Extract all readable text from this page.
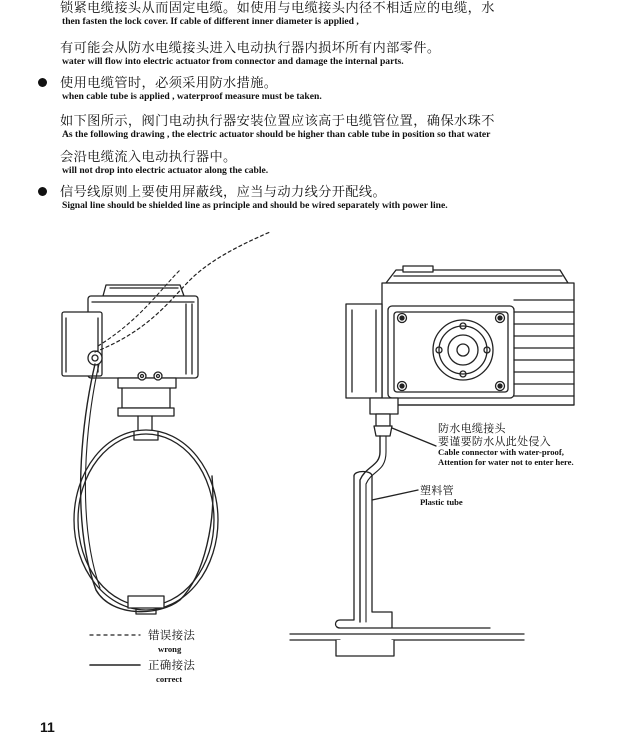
锁紧电缆接头从而固定电缆。如使用与电缆接头内径不相适应的电缆，水
then fasten the lock cover. If cable of different inner diameter is applied ,
有可能会从防水电缆接头进入电动执行器内损坏所有内部零件。
water will flow into electric actuator from connector and damage the internal parts.
使用电缆管时，必须采用防水措施。
when cable tube is applied , waterproof measure must be taken.
如下图所示，阀门电动执行器安装位置应该高于电缆管位置，确保水珠不
As the following drawing , the electric actuator should be higher than cable tube in position so that water
会沿电缆流入电动执行器中。
will not drop into electric actuator along the cable.
信号线原则上要使用屏蔽线，应当与动力线分开配线。
Signal line should be shielded line as principle and should be wired separately with power line.
防水电缆接头
要谨要防水从此处侵入
Cable connector with water-proof,
Attention for water not to enter here.
塑料管
Plastic tube
错误接法
wrong
正确接法
correct
11
